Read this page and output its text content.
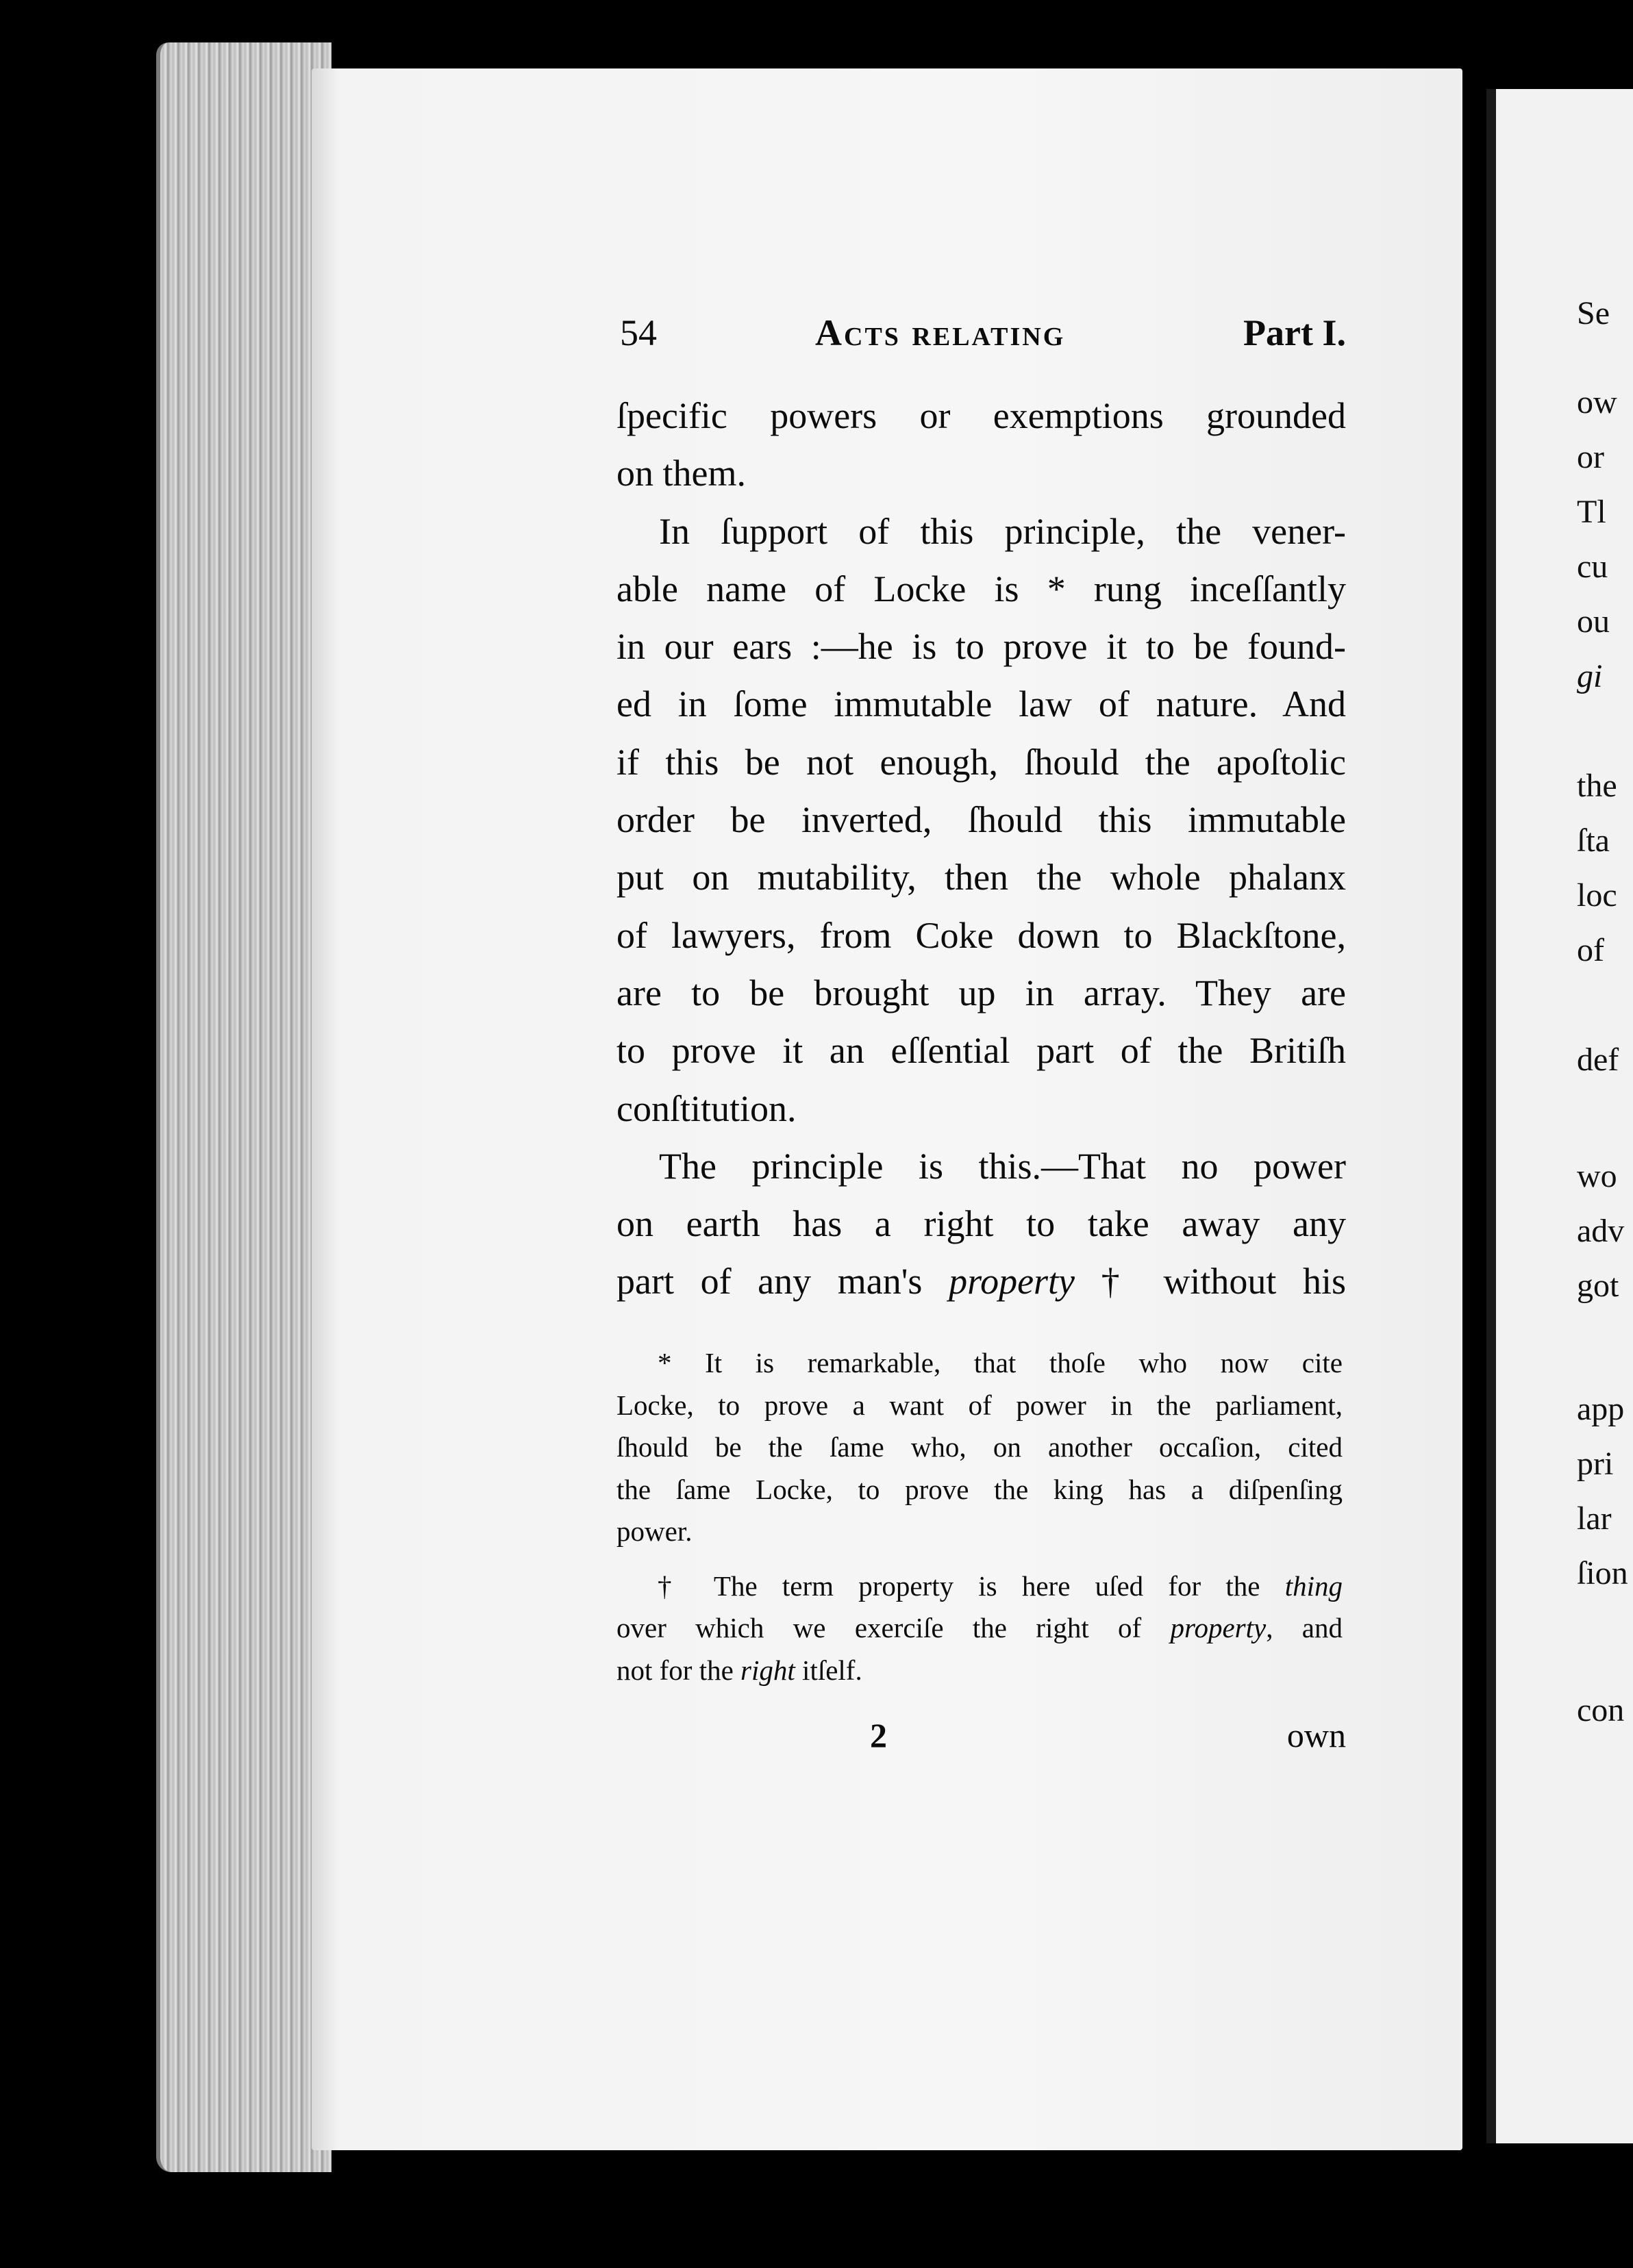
Se
ow
or
Tl
cu
ou
gi
the
ſta
loc
of
def
wo
adv
got
app
pri
lar
ſion
con
54	Acts relating	Part I.
ſpecific powers or exemptions grounded
on them.
In ſupport of this principle, the vener-
able name of Locke is * rung inceſſantly
in our ears :—he is to prove it to be found-
ed in ſome immutable law of nature. And
if this be not enough, ſhould the apoſtolic
order be inverted, ſhould this immutable
put on mutability, then the whole phalanx
of lawyers, from Coke down to Blackſtone,
are to be brought up in array. They are
to prove it an eſſential part of the Britiſh
conſtitution.
The principle is this.—That no power
on earth has a right to take away any
part of any man's property † without his
* It is remarkable, that thoſe who now cite
Locke, to prove a want of power in the parliament,
ſhould be the ſame who, on another occaſion, cited
the ſame Locke, to prove the king has a diſpenſing
power.
† The term property is here uſed for the thing
over which we exerciſe the right of property, and
not for the right itſelf.
2	own
